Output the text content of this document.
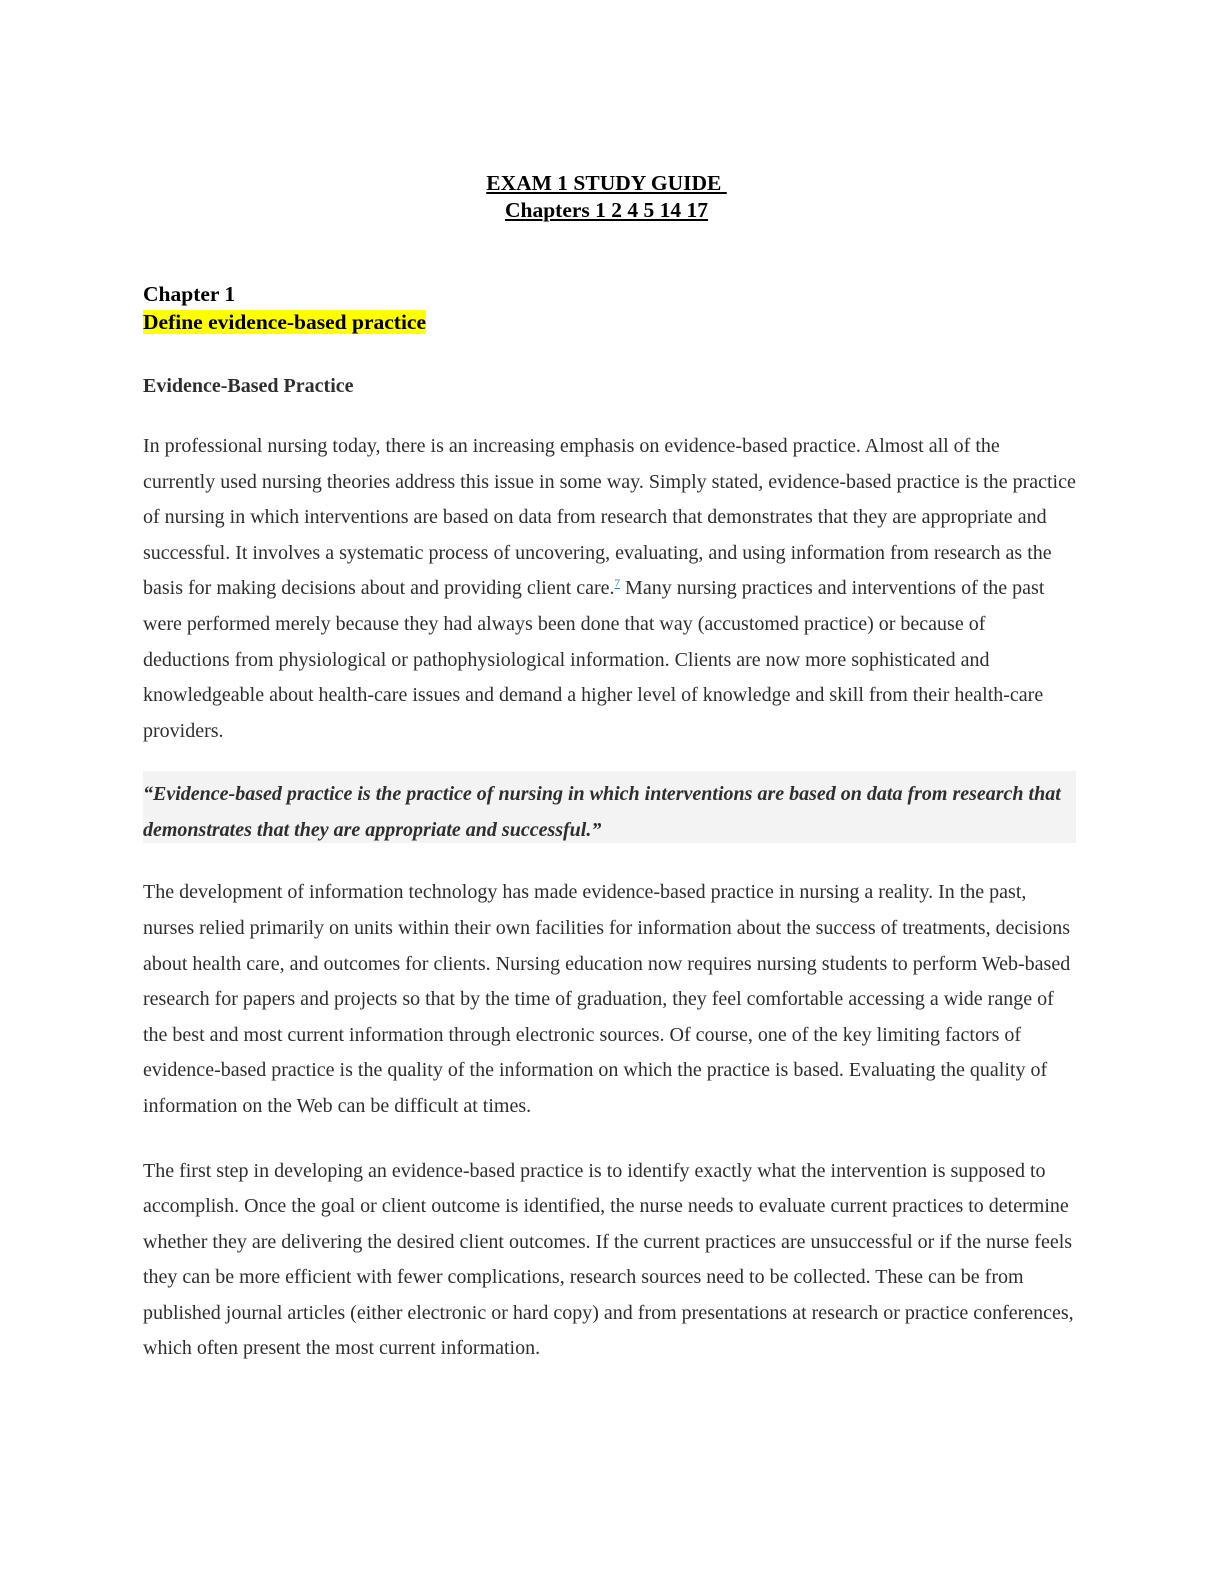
EXAM 1 STUDY GUIDE
Chapters 1 2 4 5 14 17
Chapter 1
Define evidence-based practice
Evidence-Based Practice

In professional nursing today, there is an increasing emphasis on evidence-based practice. Almost all of the currently used nursing theories address this issue in some way. Simply stated, evidence-based practice is the practice of nursing in which interventions are based on data from research that demonstrates that they are appropriate and successful. It involves a systematic process of uncovering, evaluating, and using information from research as the basis for making decisions about and providing client care.$^7$ Many nursing practices and interventions of the past were performed merely because they had always been done that way (accustomed practice) or because of deductions from physiological or pathophysiological information. Clients are now more sophisticated and knowledgeable about health-care issues and demand a higher level of knowledge and skill from their health-care providers.

“Evidence-based practice is the practice of nursing in which interventions are based on data from research that demonstrates that they are appropriate and successful.”

The development of information technology has made evidence-based practice in nursing a reality. In the past, nurses relied primarily on units within their own facilities for information about the success of treatments, decisions about health care, and outcomes for clients. Nursing education now requires nursing students to perform Web-based research for papers and projects so that by the time of graduation, they feel comfortable accessing a wide range of the best and most current information through electronic sources. Of course, one of the key limiting factors of evidence-based practice is the quality of the information on which the practice is based. Evaluating the quality of information on the Web can be difficult at times.

The first step in developing an evidence-based practice is to identify exactly what the intervention is supposed to accomplish. Once the goal or client outcome is identified, the nurse needs to evaluate current practices to determine whether they are delivering the desired client outcomes. If the current practices are unsuccessful or if the nurse feels they can be more efficient with fewer complications, research sources need to be collected. These can be from published journal articles (either electronic or hard copy) and from presentations at research or practice conferences, which often present the most current information.
